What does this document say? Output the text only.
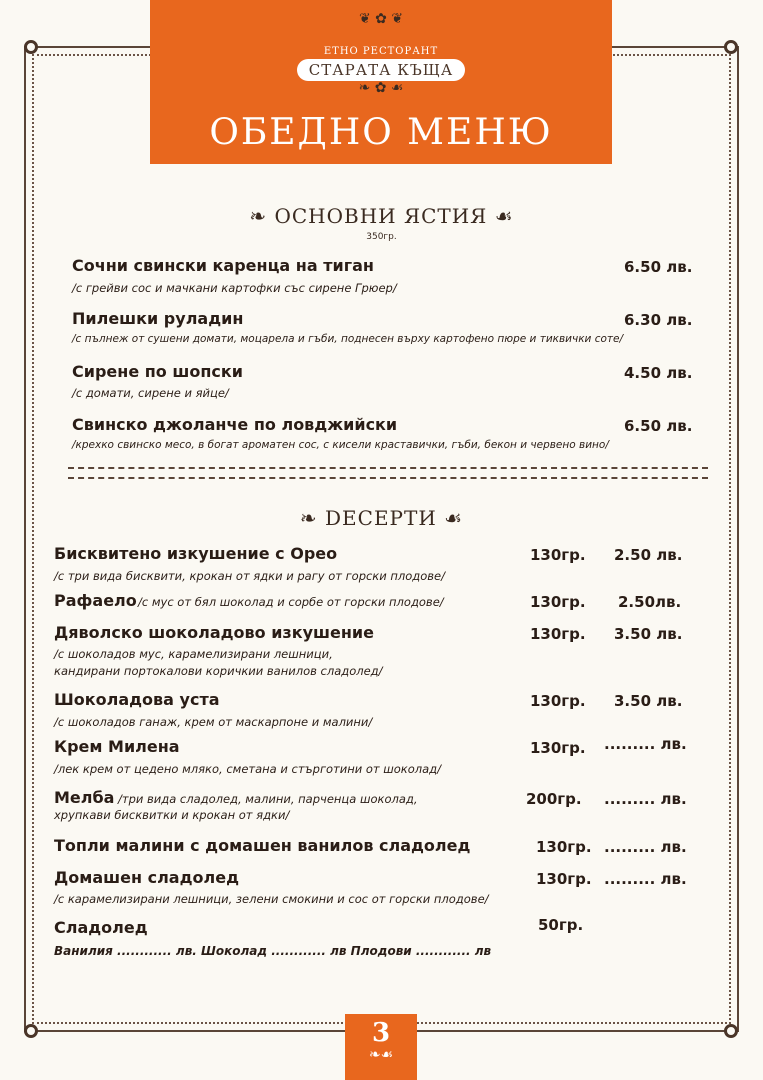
❦ ✿ ❦
ЕТНО РЕСТОРАНТ
СТАРАТА КЪЩА
❧ ✿ ☙
ОБЕДНО МЕНЮ
❧ ОСНОВНИ ЯСТИЯ ☙
350гр.
Сочни свински каренца на тиган	6.50 лв.
/с грейви сос и мачкани картофки със сирене Грюер/
Пилешки руладин	6.30 лв.
/с пълнеж от сушени домати, моцарела и гъби, поднесен върху картофено пюре и тиквички соте/
Сирене по шопски	4.50 лв.
/с домати, сирене и яйце/
Свинско джоланче по ловджийски	6.50 лв.
/крехко свинско месо, в богат ароматен сос, с кисели краставички, гъби, бекон и червено вино/
❧ DЕСЕРТИ ☙
Бисквитено изкушение с Орео	130гр. 2.50 лв.
/с три вида бисквити, крокан от ядки и рагу от горски плодове/
Рафаело /с мус от бял шоколад и сорбе от горски плодове/	130гр. 2.50лв.
Дяволско шоколадово изкушение	130гр. 3.50 лв.
/с шоколадов мус, карамелизирани лешници,
кандирани портокалови коричкии ванилов сладолед/
Шоколадова уста	130гр. 3.50 лв.
/с шоколадов ганаж, крем от маскарпоне и малини/
Крем Милена	130гр. ......... лв.
/лек крем от цедено мляко, сметана и стърготини от шоколад/
Мелба /три вида сладолед, малини, парченца шоколад,	200гр. ......... лв.
хрупкави бисквитки и крокан от ядки/
Топли малини с домашен ванилов сладолед	130гр. ......... лв.
Домашен сладолед	130гр. ......... лв.
/с карамелизирани лешници, зелени смокини и сос от горски плодове/
Сладолед	50гр.
Ванилия ............ лв. Шоколад ............ лв Плодови ............ лв
3
❧☙
